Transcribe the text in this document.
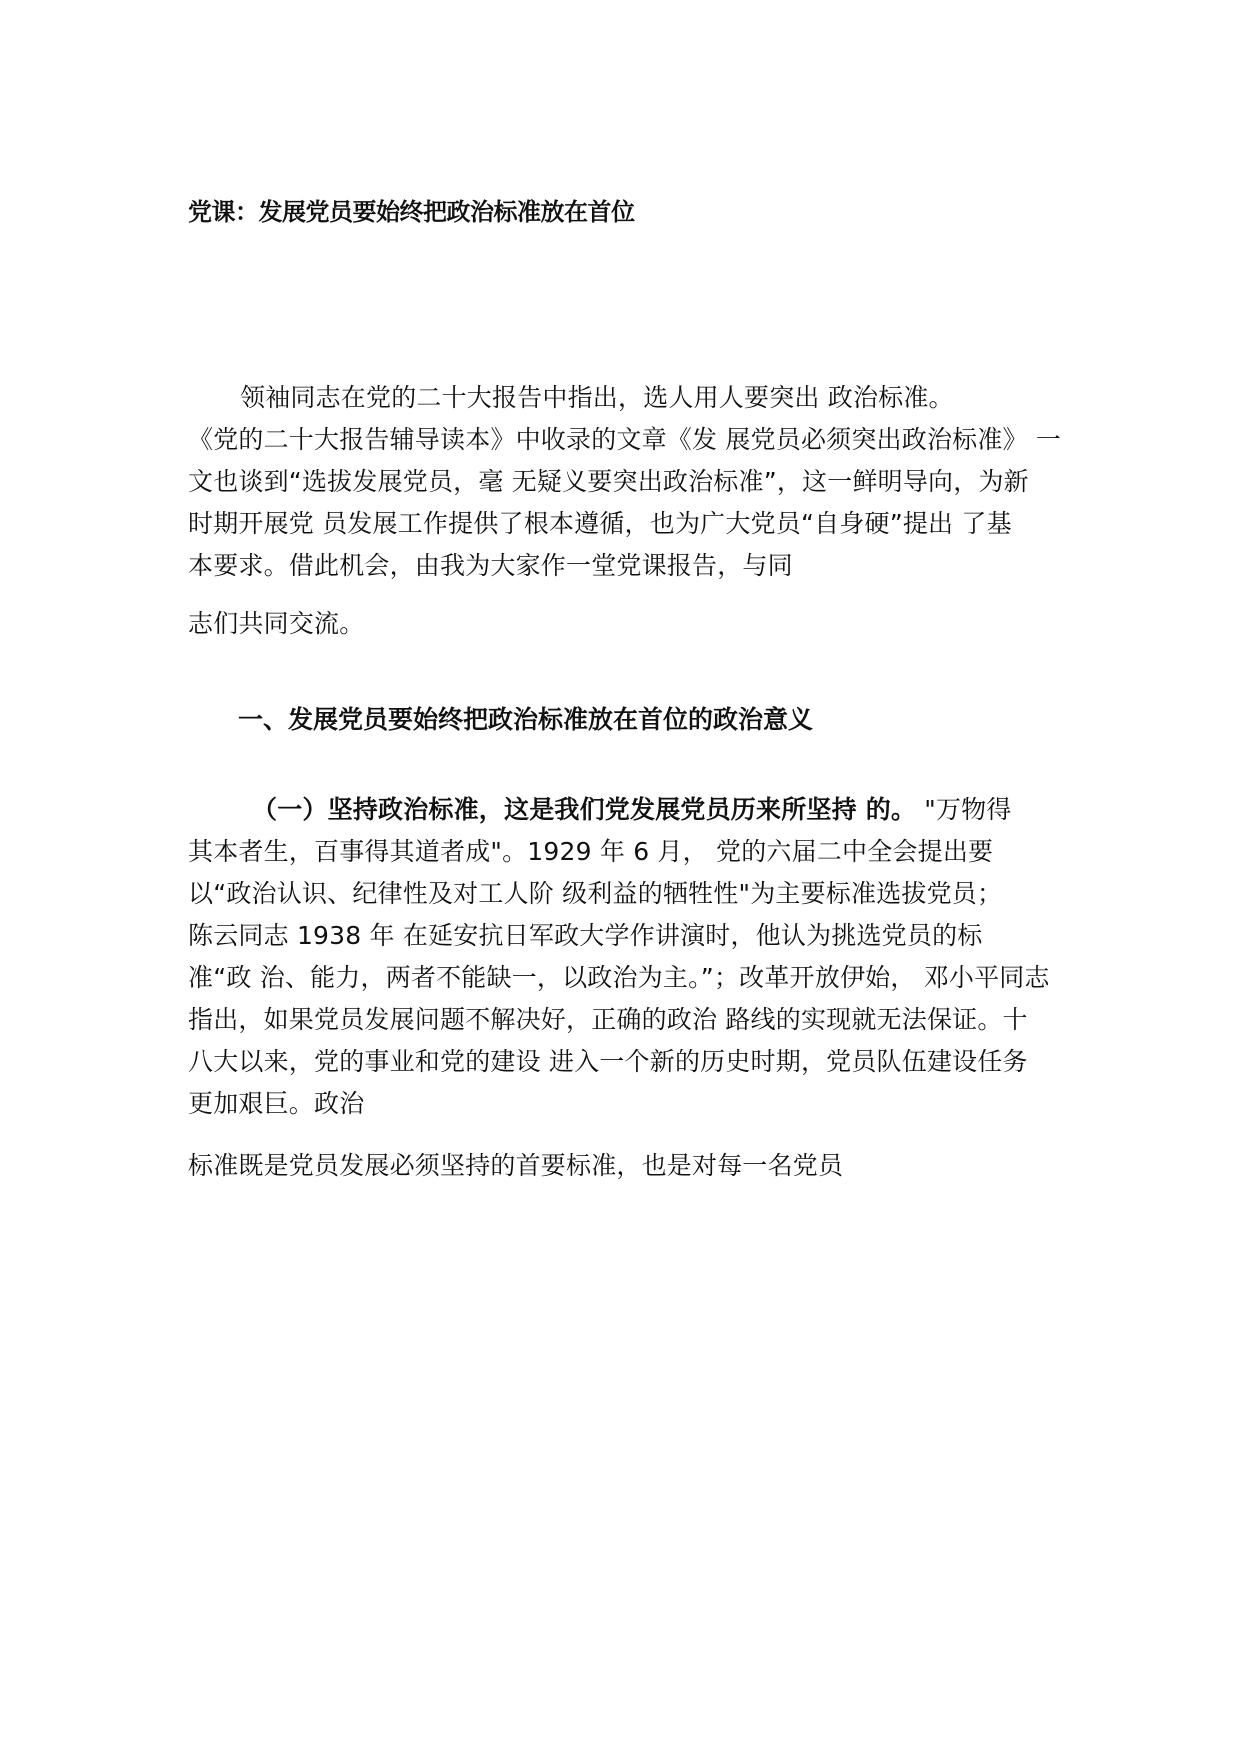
党课：发展党员要始终把政治标准放在首位
领袖同志在党的二十大报告中指出，选人用人要突出 政治标准。
《党的二十大报告辅导读本》中收录的文章《发 展党员必须突出政治标准》 一
文也谈到“选拔发展党员，毫 无疑义要突出政治标准”，这一鲜明导向，为新
时期开展党 员发展工作提供了根本遵循，也为广大党员“自身硬”提出 了基
本要求。借此机会，由我为大家作一堂党课报告，与同
志们共同交流。
一、发展党员要始终把政治标准放在首位的政治意义
（一）坚持政治标准，这是我们党发展党员历来所坚持 的。 "万物得
其本者生，百事得其道者成"。1929 年 6 月， 党的六届二中全会提出要
以“政治认识、纪律性及对工人阶 级利益的牺牲性"为主要标准选拔党员；
陈云同志 1938 年 在延安抗日军政大学作讲演时，他认为挑选党员的标
准“政 治、能力，两者不能缺一，以政治为主。”；改革开放伊始， 邓小平同志
指出，如果党员发展问题不解决好，正确的政治 路线的实现就无法保证。十
八大以来，党的事业和党的建设 进入一个新的历史时期，党员队伍建设任务
更加艰巨。政治
标准既是党员发展必须坚持的首要标准，也是对每一名党员
